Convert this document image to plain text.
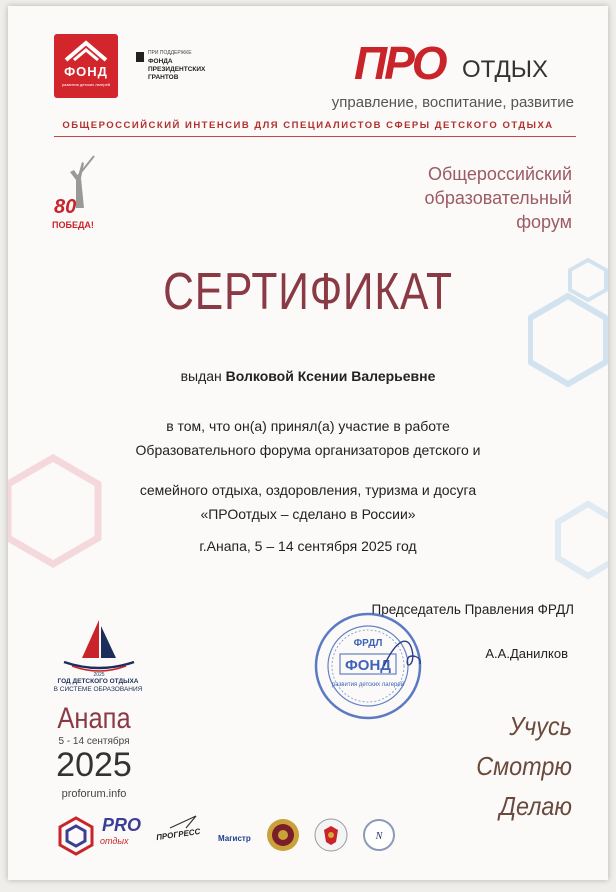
ФОНД
развития детских лагерей
ПРИ ПОДДЕРЖКЕ
ФОНДА ПРЕЗИДЕНТСКИХ ГРАНТОВ	ПРО ОТДЫХ
управление, воспитание, развитие
ОБЩЕРОССИЙСКИЙ ИНТЕНСИВ ДЛЯ СПЕЦИАЛИСТОВ СФЕРЫ ДЕТСКОГО ОТДЫХА
80
ПОБЕДА!
Общероссийский
образовательный
форум
СЕРТИФИКАТ
выдан Волковой Ксении Валерьевне
в том, что он(а) принял(а) участие в работе
Образовательного форума организаторов детского и
семейного отдыха, оздоровления, туризма и досуга
«ПРОотдых – сделано в России»
г.Анапа, 5 – 14 сентября 2025 год
Председатель Правления ФРДЛ
А.А.Данилков
ФРДЛ
ФОНД
развития детских лагерей
Учусь
Смотрю
Делаю
2025
ГОД ДЕТСКОГО ОТДЫХА
В СИСТЕМЕ ОБРАЗОВАНИЯ
Анапа
5 - 14 сентября
2025
proforum.info
PRO
отдых	ПРОГРЕСС Магистр	N
